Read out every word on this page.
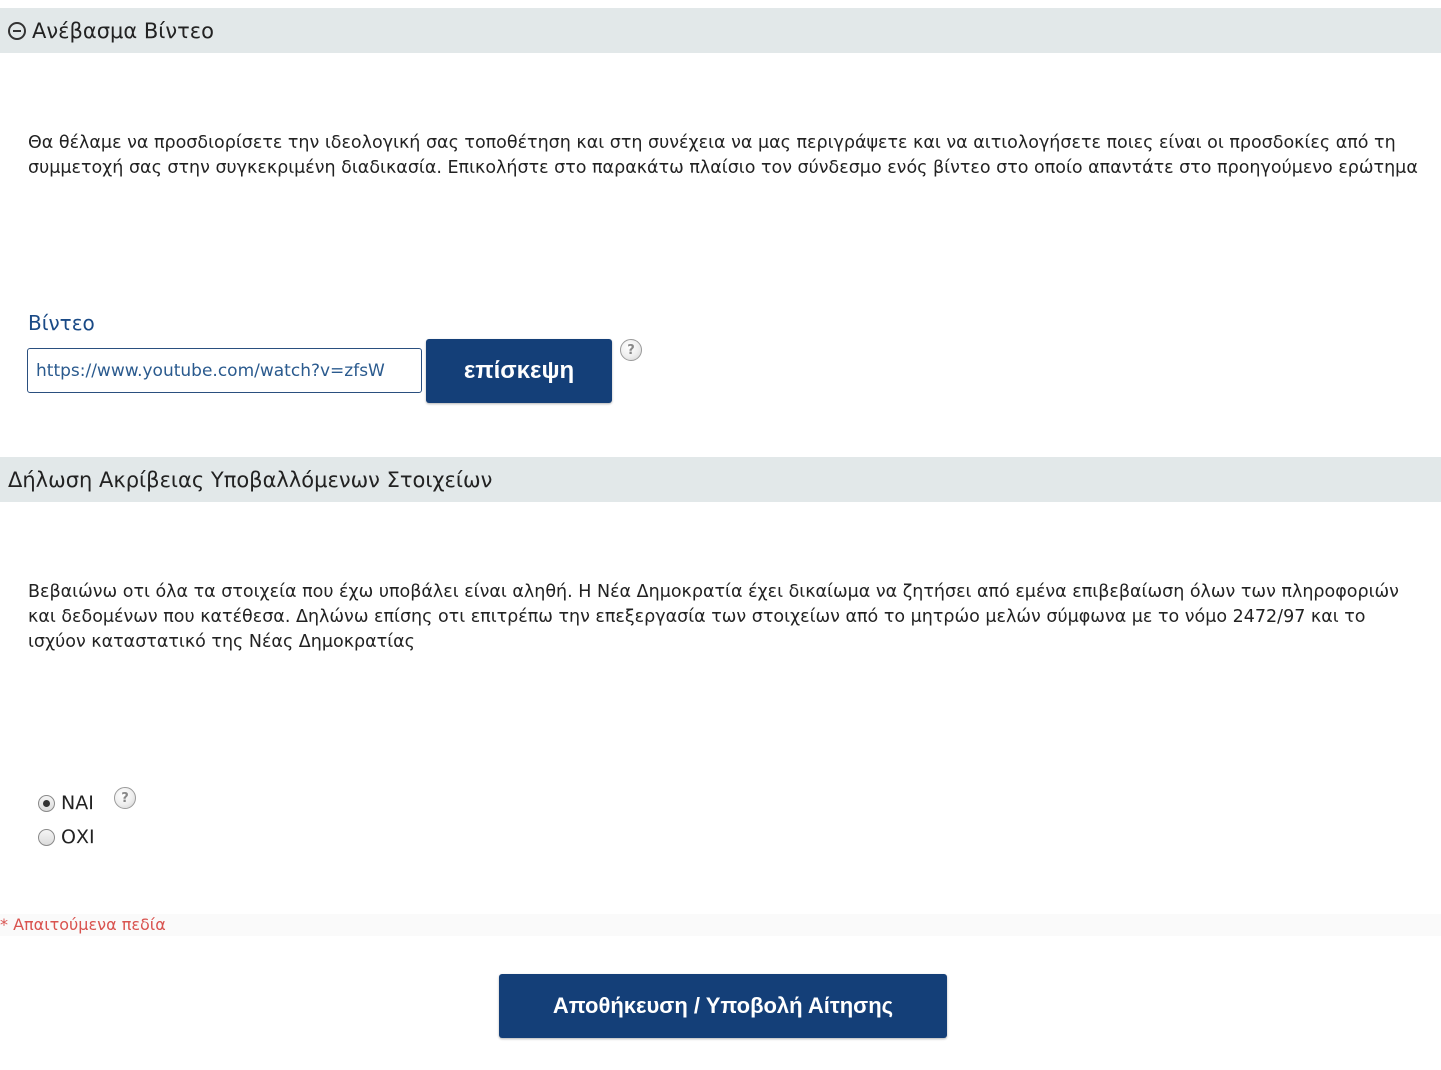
Ανέβασμα Βίντεο
Θα θέλαμε να προσδιορίσετε την ιδεολογική σας τοποθέτηση και στη συνέχεια να μας περιγράψετε και να αιτιολογήσετε ποιες είναι οι προσδοκίες από τη συμμετοχή σας στην συγκεκριμένη διαδικασία. Επικολήστε στο παρακάτω πλαίσιο τον σύνδεσμο ενός βίντεο στο οποίο απαντάτε στο προηγούμενο ερώτημα
Βίντεο
https://www.youtube.com/watch?v=zfsW
επίσκεψη
?
Δήλωση Ακρίβειας Υποβαλλόμενων Στοιχείων
Βεβαιώνω οτι όλα τα στοιχεία που έχω υποβάλει είναι αληθή. Η Νέα Δημοκρατία έχει δικαίωμα να ζητήσει από εμένα επιβεβαίωση όλων των πληροφοριών και δεδομένων που κατέθεσα. Δηλώνω επίσης οτι επιτρέπω την επεξεργασία των στοιχείων από το μητρώο μελών σύμφωνα με το νόμο 2472/97 και το ισχύον καταστατικό της Νέας Δημοκρατίας
ΝΑΙ	?
ΟΧΙ
* Απαιτούμενα πεδία
Αποθήκευση / Υποβολή Αίτησης
